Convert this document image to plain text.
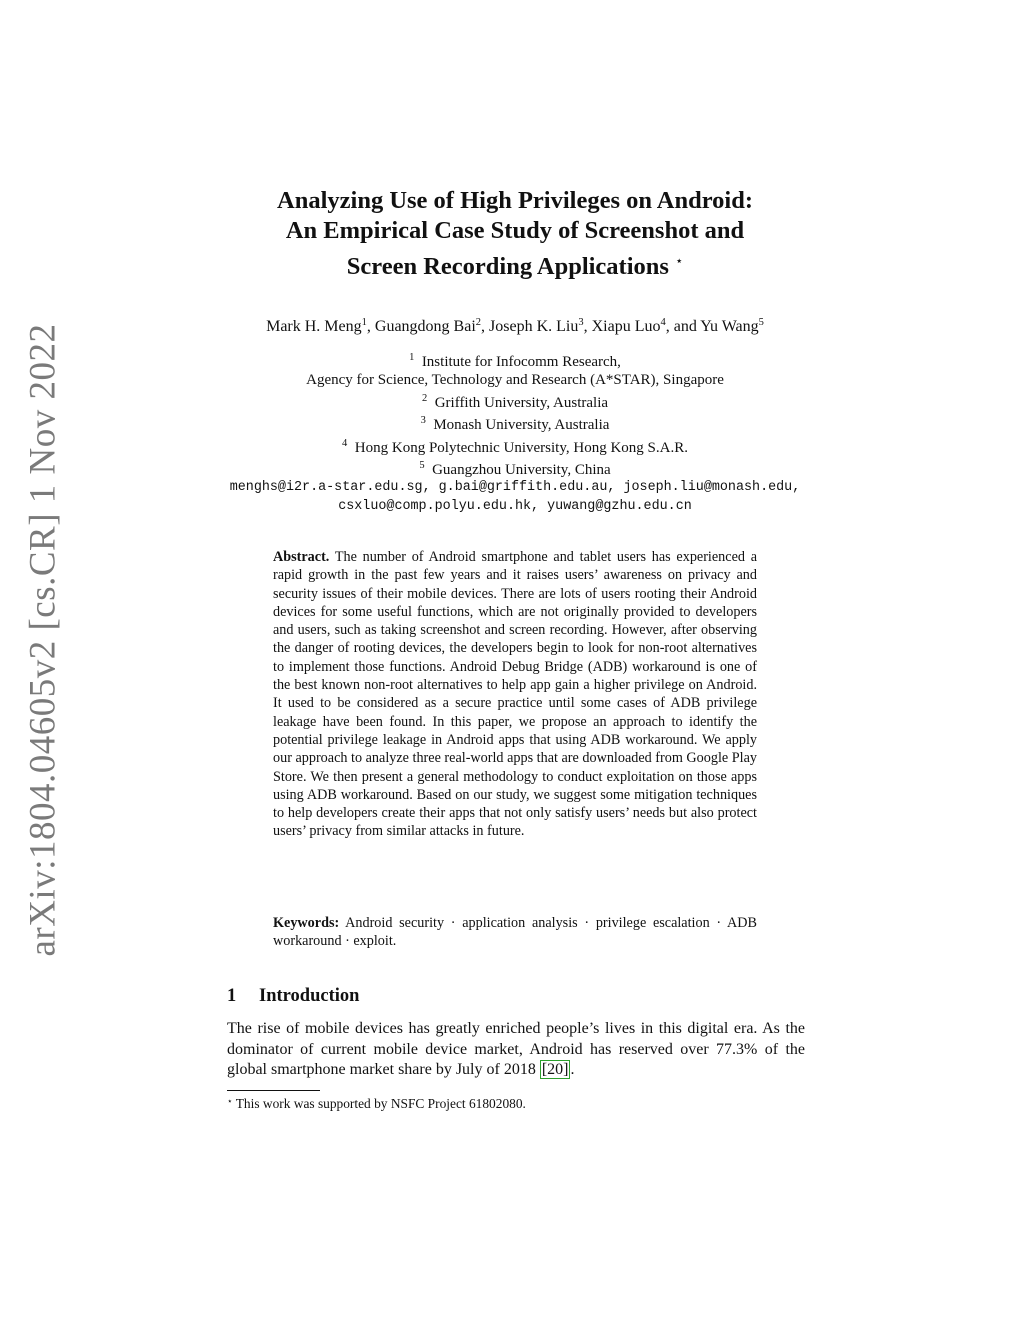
arXiv:1804.04605v2 [cs.CR] 1 Nov 2022
Analyzing Use of High Privileges on Android:
An Empirical Case Study of Screenshot and
Screen Recording Applications ⋆
Mark H. Meng$^1$, Guangdong Bai$^2$, Joseph K. Liu$^3$, Xiapu Luo$^4$, and Yu Wang$^5$
$^1$  Institute for Infocomm Research,
Agency for Science, Technology and Research (A*STAR), Singapore
$^2$  Griffith University, Australia
$^3$  Monash University, Australia
$^4$  Hong Kong Polytechnic University, Hong Kong S.A.R.
$^5$  Guangzhou University, China
menghs@i2r.a-star.edu.sg, g.bai@griffith.edu.au, joseph.liu@monash.edu,
csxluo@comp.polyu.edu.hk, yuwang@gzhu.edu.cn
Abstract. The number of Android smartphone and tablet users has experienced a rapid growth in the past few years and it raises users’ awareness on privacy and security issues of their mobile devices. There are lots of users rooting their Android devices for some useful functions, which are not originally provided to developers and users, such as taking screenshot and screen recording. However, after observing the danger of rooting devices, the developers begin to look for non-root alternatives to implement those functions. Android Debug Bridge (ADB) workaround is one of the best known non-root alternatives to help app gain a higher privilege on Android. It used to be considered as a secure practice until some cases of ADB privilege leakage have been found. In this paper, we propose an approach to identify the potential privilege leakage in Android apps that using ADB workaround. We apply our approach to analyze three real-world apps that are downloaded from Google Play Store. We then present a general methodology to conduct exploitation on those apps using ADB workaround. Based on our study, we suggest some mitigation techniques to help developers create their apps that not only satisfy users’ needs but also protect users’ privacy from similar attacks in future.
Keywords: Android security · application analysis · privilege escalation · ADB workaround · exploit.
1 Introduction
The rise of mobile devices has greatly enriched people’s lives in this digital era. As the dominator of current mobile device market, Android has reserved over 77.3% of the global smartphone market share by July of 2018 [20] .
⋆ This work was supported by NSFC Project 61802080.
